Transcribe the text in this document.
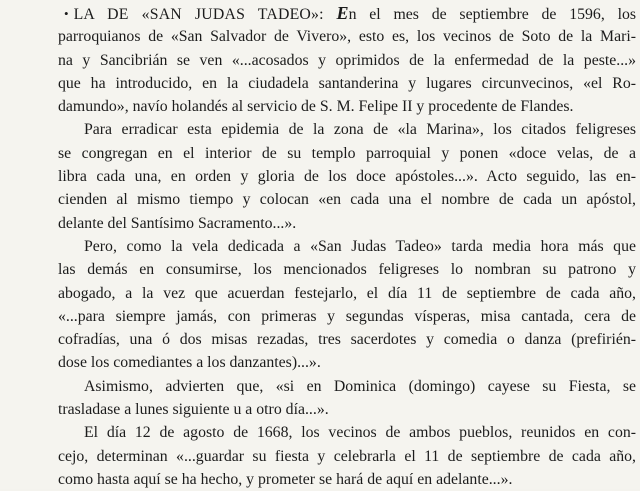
• LA DE «SAN JUDAS TADEO»: En el mes de septiembre de 1596, los
parroquianos de «San Salvador de Vivero», esto es, los vecinos de Soto de la Mari-
na y Sancibrián se ven «...acosados y oprimidos de la enfermedad de la peste...»
que ha introducido, en la ciudadela santanderina y lugares circunvecinos, «el Ro-
damundo», navío holandés al servicio de S. M. Felipe II y procedente de Flandes.
Para erradicar esta epidemia de la zona de «la Marina», los citados feligreses
se congregan en el interior de su templo parroquial y ponen «doce velas, de a
libra cada una, en orden y gloria de los doce apóstoles...». Acto seguido, las en-
cienden al mismo tiempo y colocan «en cada una el nombre de cada un apóstol,
delante del Santísimo Sacramento...».
Pero, como la vela dedicada a «San Judas Tadeo» tarda media hora más que
las demás en consumirse, los mencionados feligreses lo nombran su patrono y
abogado, a la vez que acuerdan festejarlo, el día 11 de septiembre de cada año,
«...para siempre jamás, con primeras y segundas vísperas, misa cantada, cera de
cofradías, una ó dos misas rezadas, tres sacerdotes y comedia o danza (prefirién-
dose los comediantes a los danzantes)...».
Asimismo, advierten que, «si en Dominica (domingo) cayese su Fiesta, se
trasladase a lunes siguiente u a otro día...».
El día 12 de agosto de 1668, los vecinos de ambos pueblos, reunidos en con-
cejo, determinan «...guardar su fiesta y celebrarla el 11 de septiembre de cada año,
como hasta aquí se ha hecho, y prometer se hará de aquí en adelante...».
